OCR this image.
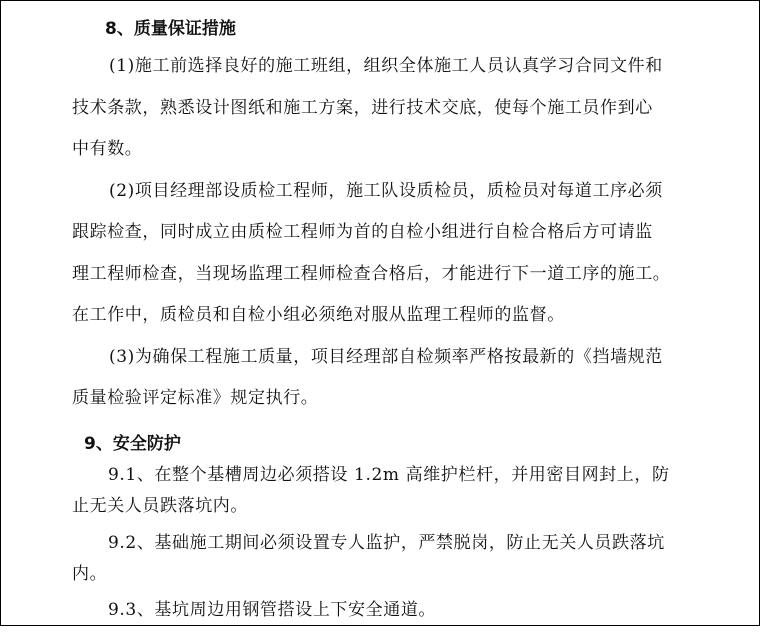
8、质量保证措施
(1)施工前选择良好的施工班组，组织全体施工人员认真学习合同文件和
技术条款，熟悉设计图纸和施工方案，进行技术交底，使每个施工员作到心
中有数。
(2)项目经理部设质检工程师，施工队设质检员，质检员对每道工序必须
跟踪检查，同时成立由质检工程师为首的自检小组进行自检合格后方可请监
理工程师检查，当现场监理工程师检查合格后，才能进行下一道工序的施工。
在工作中，质检员和自检小组必须绝对服从监理工程师的监督。
(3)为确保工程施工质量，项目经理部自检频率严格按最新的《挡墙规范
质量检验评定标准》规定执行。
9、安全防护
9.1、在整个基槽周边必须搭设 1.2m 高维护栏杆，并用密目网封上，防
止无关人员跌落坑内。
9.2、基础施工期间必须设置专人监护，严禁脱岗，防止无关人员跌落坑
内。
9.3、基坑周边用钢管搭设上下安全通道。
